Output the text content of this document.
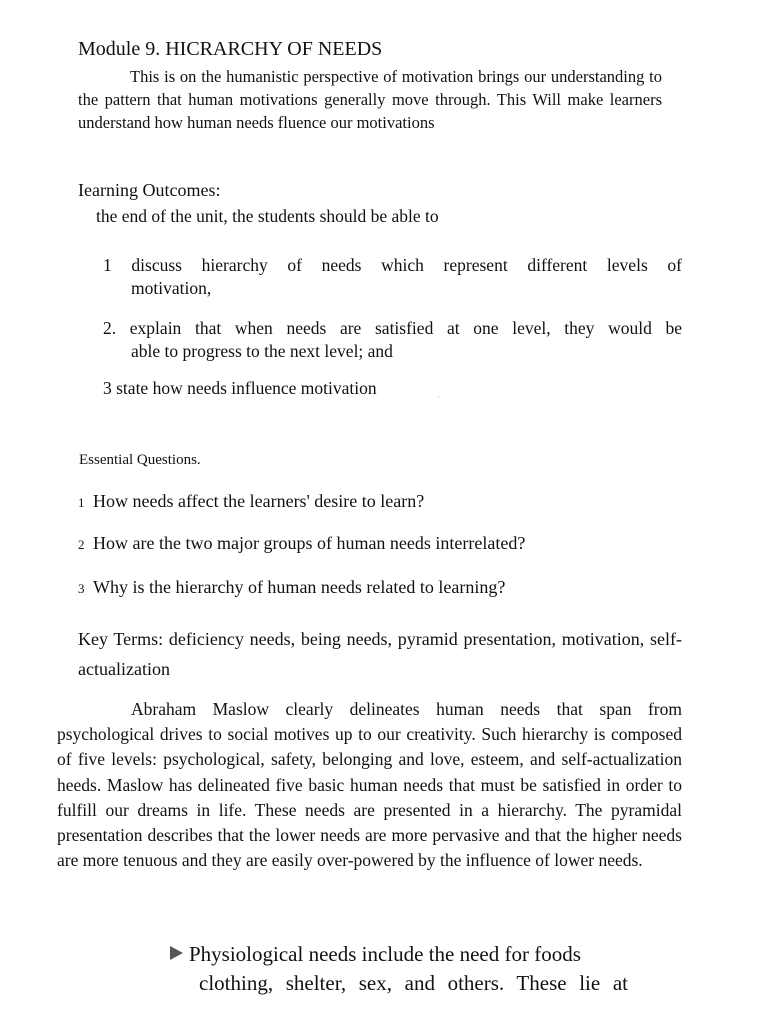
Module 9. HICRARCHY OF NEEDS
This is on the humanistic perspective of motivation brings our understanding to the pattern that human motivations generally move through. This Will make learners understand how human needs fluence our motivations
Iearning Outcomes:
the end of the unit, the students should be able to
1 discuss hierarchy of needs which represent different levels of
motivation,
2. explain that when needs are satisfied at one level, they would be
able to progress to the next level; and
3 state how needs influence motivation
'
Essential Questions.
1 How needs affect the learners' desire to learn?
2 How are the two major groups of human needs interrelated?
3 Why is the hierarchy of human needs related to learning?
Key Terms: deficiency needs, being needs, pyramid presentation, motivation, self-actualization
Abraham Maslow clearly delineates human needs that span from psychological drives to social motives up to our creativity. Such hierarchy is composed of five levels: psychological, safety, belonging and love, esteem, and self-actualization heeds. Maslow has delineated five basic human needs that must be satisfied in order to fulfill our dreams in life. These needs are presented in a hierarchy. The pyramidal presentation describes that the lower needs are more pervasive and that the higher needs are more tenuous and they are easily over-powered by the influence of lower needs.
Physiological needs include the need for foods
clothing, shelter, sex, and others. These lie at
